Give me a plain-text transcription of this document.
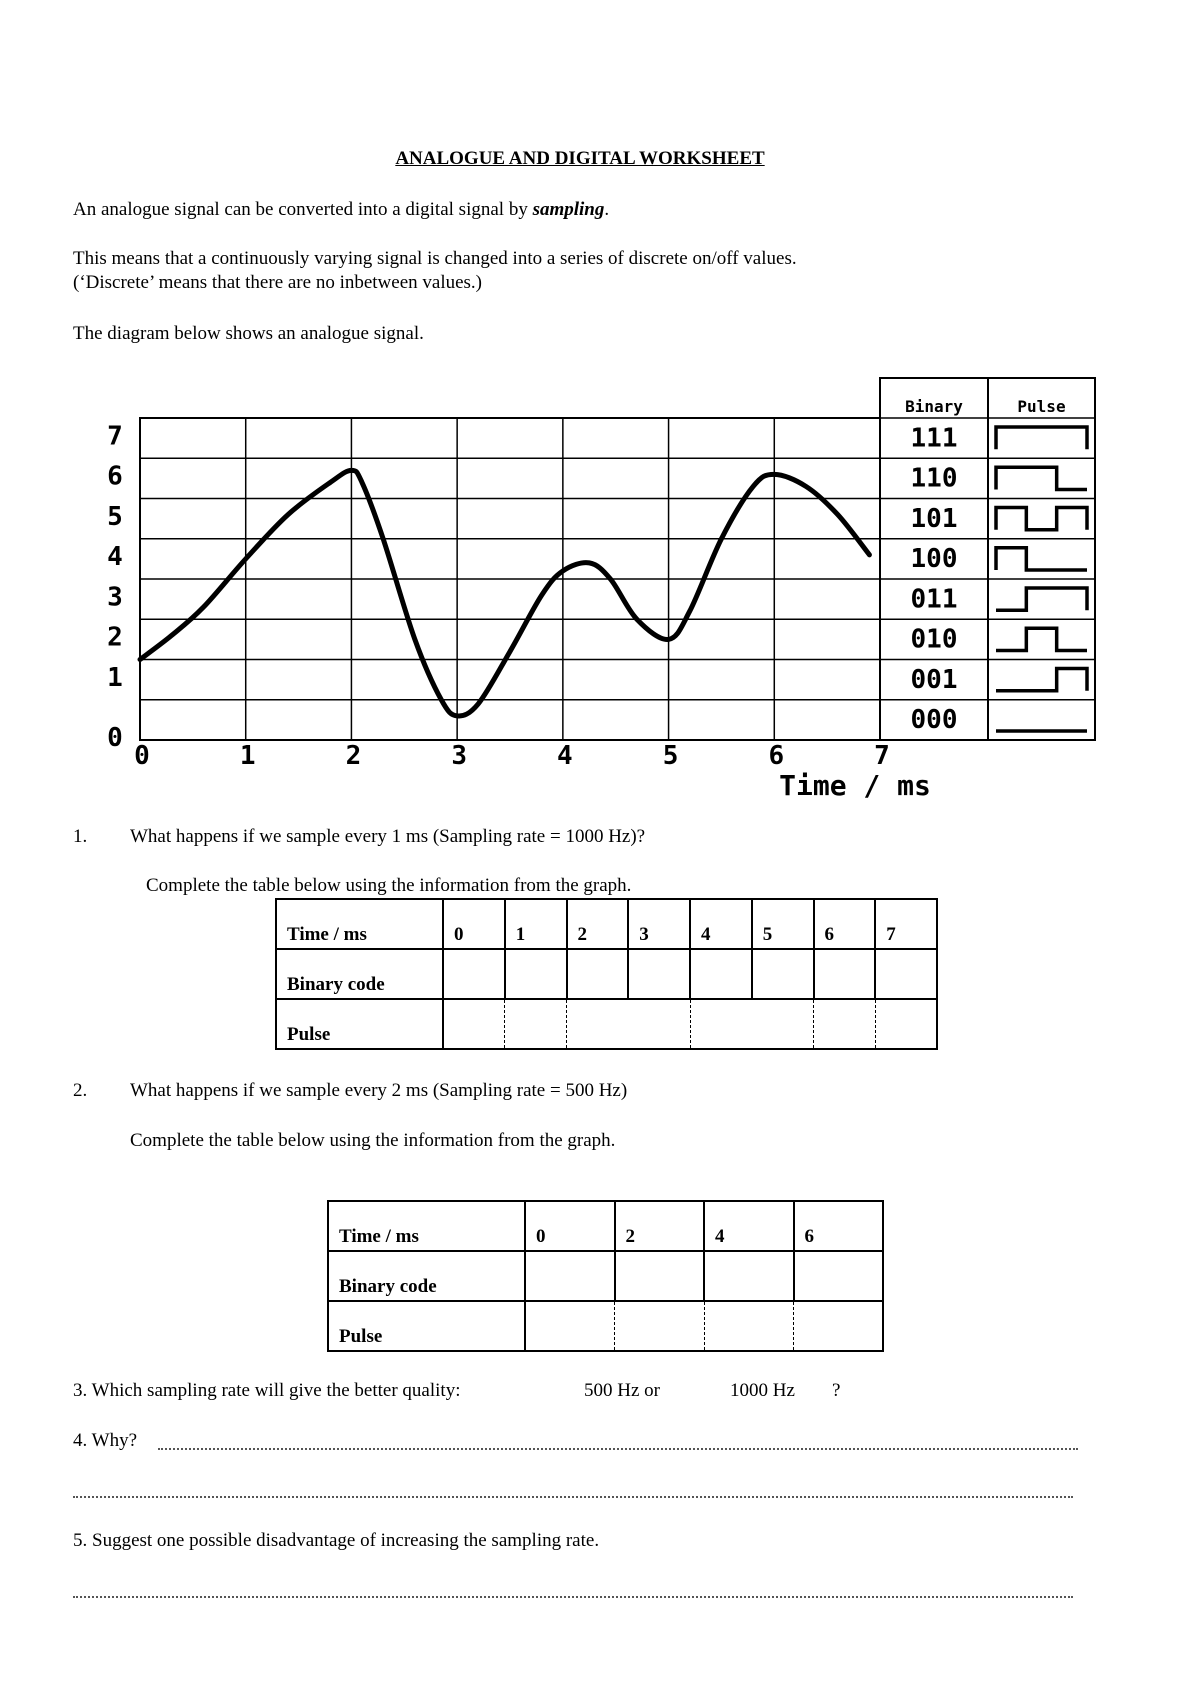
ANALOGUE AND DIGITAL WORKSHEET
An analogue signal can be converted into a digital signal by sampling.
This means that a continuously varying signal is changed into a series of discrete on/off values.
(‘Discrete’ means that there are no inbetween values.)
The diagram below shows an analogue signal.
0
1
2
3
4
5
6
7
0	1	2	3	4	5	6	7
Time / ms
Binary	Pulse
111
110
101
100
011
010
001
000
1. What happens if we sample every 1 ms (Sampling rate = 1000 Hz)?
Complete the table below using the information from the graph.
Time / ms	0	1	2	3	4	5	6	7

Binary code								

Pulse								

2. What happens if we sample every 2 ms (Sampling rate = 500 Hz)
Complete the table below using the information from the graph.
Time / ms	0	2	4	6

Binary code				

Pulse				

3. Which sampling rate will give the better quality:	500 Hz or	1000 Hz ?
4. Why?
5. Suggest one possible disadvantage of increasing the sampling rate.
